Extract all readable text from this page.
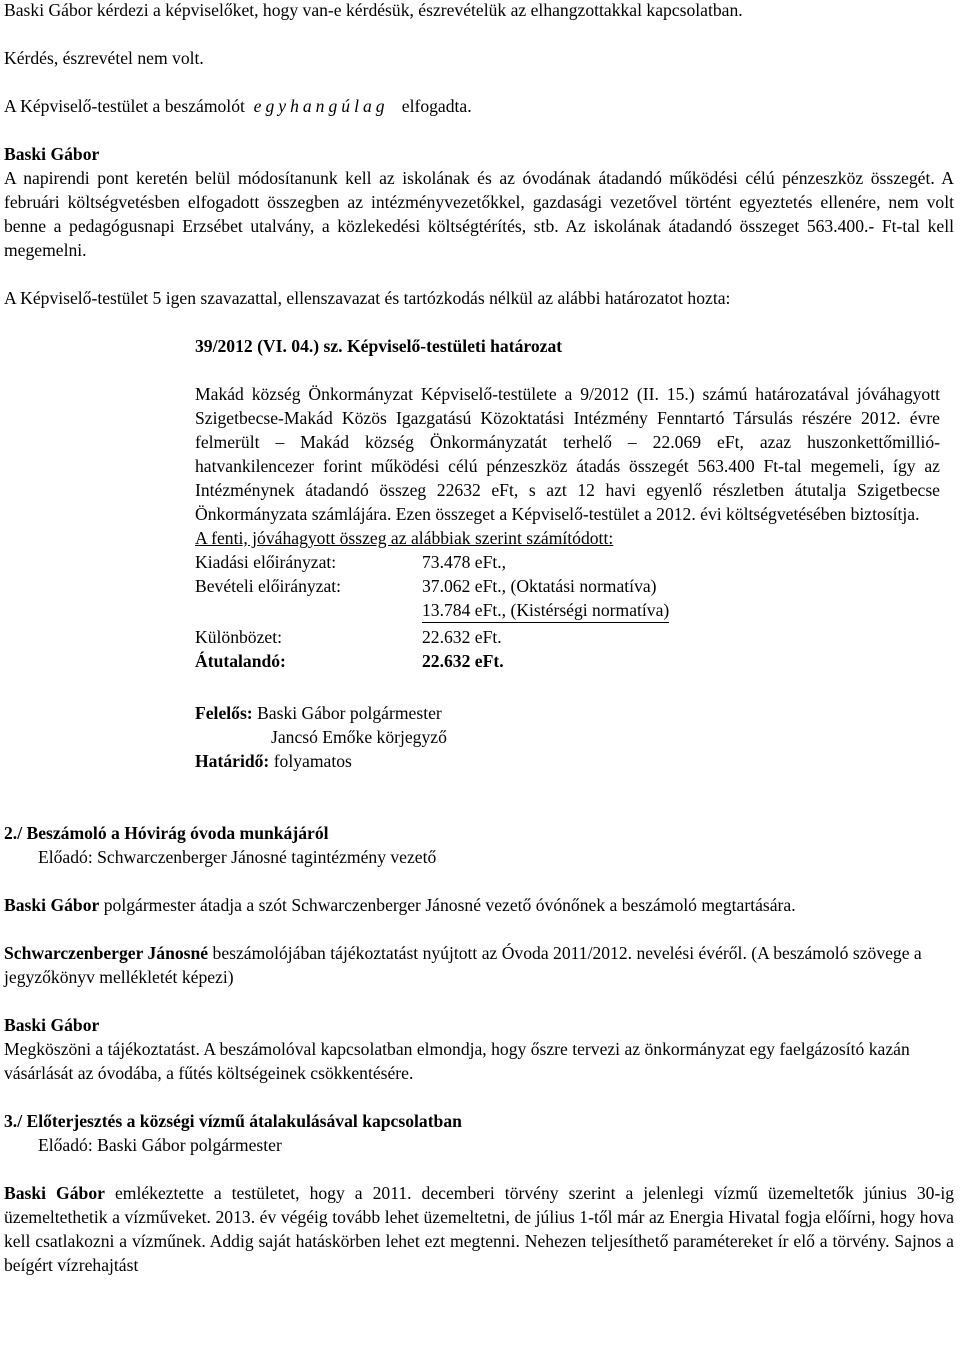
Baski Gábor kérdezi a képviselőket, hogy van-e kérdésük, észrevételük az elhangzottakkal kapcsolatban.

Kérdés, észrevétel nem volt.

A Képviselő-testület a beszámolót egyhangúlag elfogadta.

Baski Gábor

A napirendi pont keretén belül módosítanunk kell az iskolának és az óvodának átadandó működési célú pénzeszköz összegét. A februári költségvetésben elfogadott összegben az intézményvezetőkkel, gazdasági vezetővel történt egyeztetés ellenére, nem volt benne a pedagógusnapi Erzsébet utalvány, a közlekedési költségtérítés, stb. Az iskolának átadandó összeget 563.400.- Ft-tal kell megemelni.

A Képviselő-testület 5 igen szavazattal, ellenszavazat és tartózkodás nélkül az alábbi határozatot hozta:

39/2012 (VI. 04.) sz. Képviselő-testületi határozat

Makád község Önkormányzat Képviselő-testülete a 9/2012 (II. 15.) számú határozatával jóváhagyott Szigetbecse-Makád Közös Igazgatású Közoktatási Intézmény Fenntartó Társulás részére 2012. évre felmerült – Makád község Önkormányzatát terhelő – 22.069 eFt, azaz huszonkettőmillió-hatvankilencezer forint működési célú pénzeszköz átadás összegét 563.400 Ft-tal megemeli, így az Intézménynek átadandó összeg 22632 eFt, s azt 12 havi egyenlő részletben átutalja Szigetbecse Önkormányzata számlájára. Ezen összeget a Képviselő-testület a 2012. évi költségvetésében biztosítja.

A fenti, jóváhagyott összeg az alábbiak szerint számítódott:

Kiadási előirányzat:	73.478 eFt.,
Bevételi előirányzat:	37.062 eFt., (Oktatási normatíva)
13.784 eFt., (Kistérségi normatíva)
Különbözet:	22.632 eFt.
Átutalandó:	22.632 eFt.

Felelős: Baski Gábor polgármester

Jancsó Emőke körjegyző

Határidő: folyamatos

2./ Beszámoló a Hóvirág óvoda munkájáról

Előadó: Schwarczenberger Jánosné tagintézmény vezető

Baski Gábor polgármester átadja a szót Schwarczenberger Jánosné vezető óvónőnek a beszámoló megtartására.

Schwarczenberger Jánosné beszámolójában tájékoztatást nyújtott az Óvoda 2011/2012. nevelési évéről. (A beszámoló szövege a jegyzőkönyv mellékletét képezi)

Baski Gábor

Megköszöni a tájékoztatást. A beszámolóval kapcsolatban elmondja, hogy őszre tervezi az önkormányzat egy faelgázosító kazán vásárlását az óvodába, a fűtés költségeinek csökkentésére.

3./ Előterjesztés a községi vízmű átalakulásával kapcsolatban

Előadó: Baski Gábor polgármester

Baski Gábor emlékeztette a testületet, hogy a 2011. decemberi törvény szerint a jelenlegi vízmű üzemeltetők június 30-ig üzemeltethetik a vízműveket. 2013. év végéig tovább lehet üzemeltetni, de július 1-től már az Energia Hivatal fogja előírni, hogy hova kell csatlakozni a vízműnek. Addig saját hatáskörben lehet ezt megtenni. Nehezen teljesíthető paramétereket ír elő a törvény. Sajnos a beígért vízrehajtást
